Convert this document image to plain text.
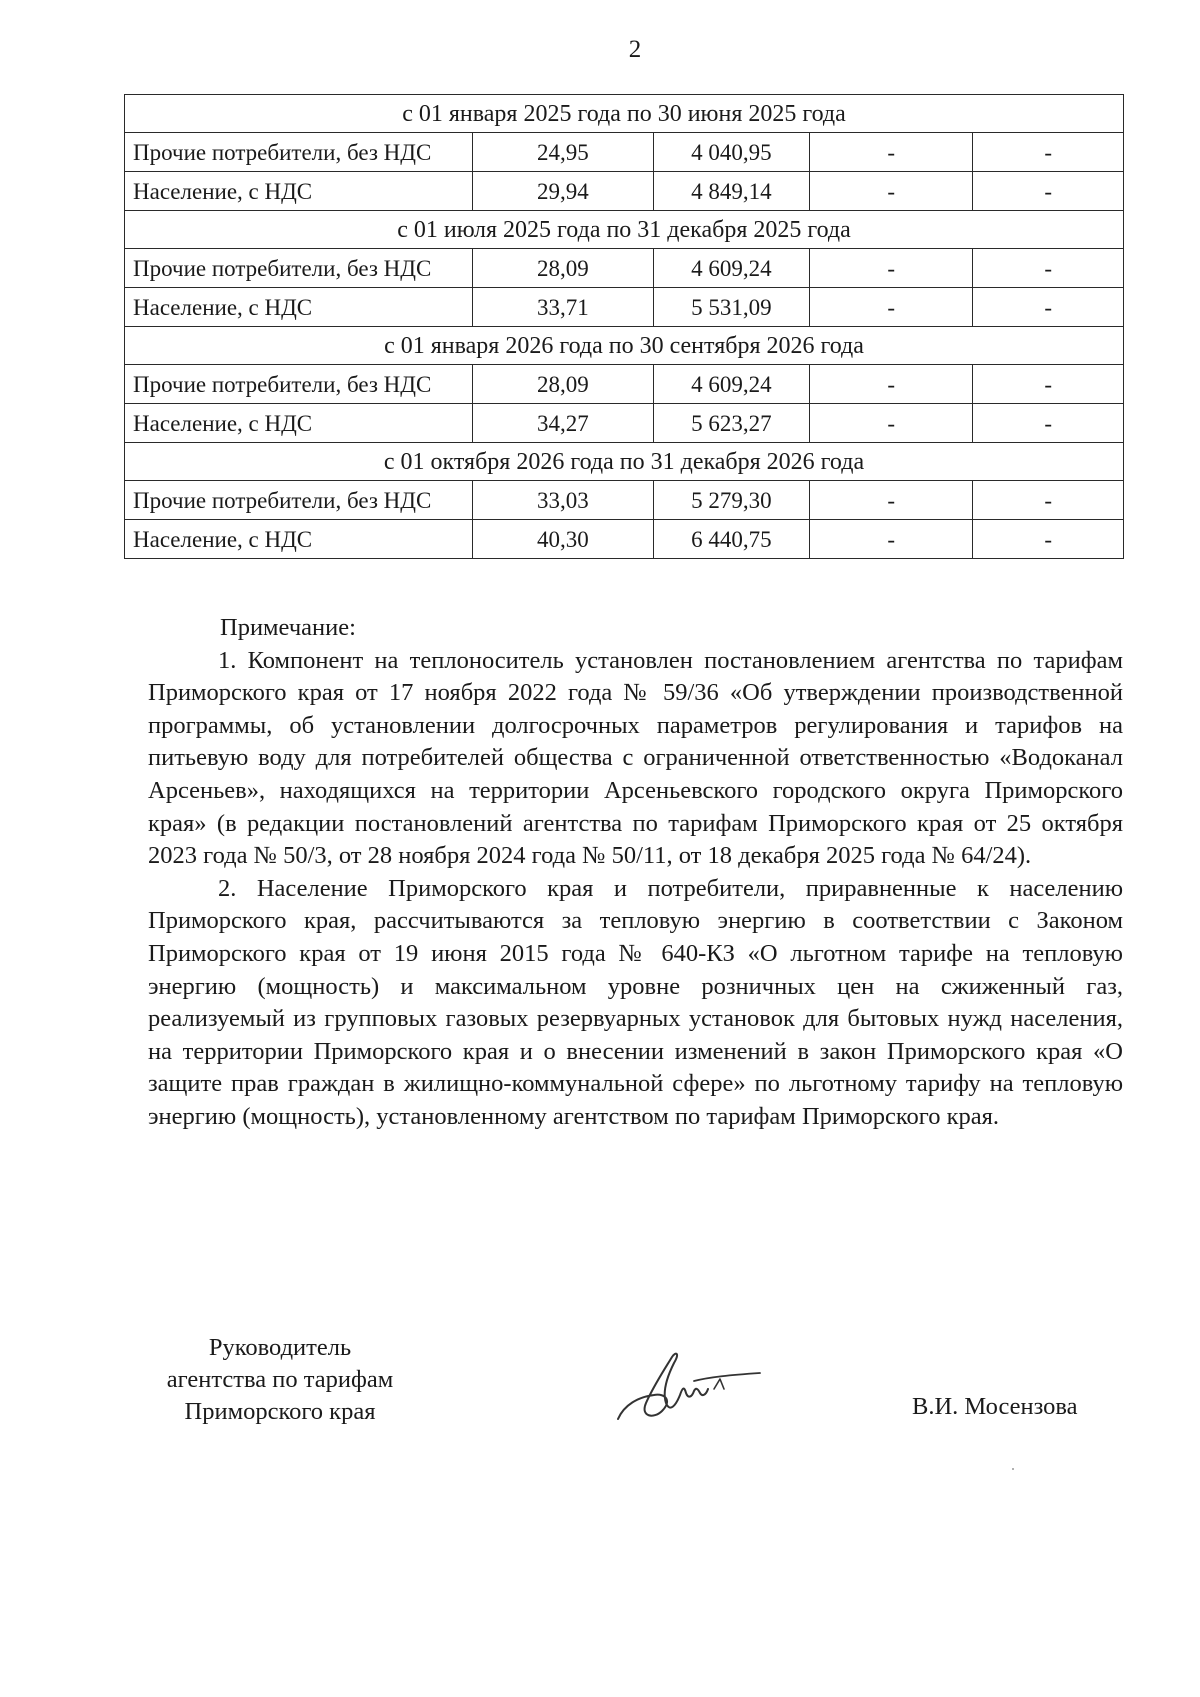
2
с 01 января 2025 года по 30 июня 2025 года				
Прочие потребители, без НДС	24,95	4 040,95	-	-
Население, с НДС	29,94	4 849,14	-	-
с 01 июля 2025 года по 31 декабря 2025 года				
Прочие потребители, без НДС	28,09	4 609,24	-	-
Население, с НДС	33,71	5 531,09	-	-
с 01 января 2026 года по 30 сентября 2026 года				
Прочие потребители, без НДС	28,09	4 609,24	-	-
Население, с НДС	34,27	5 623,27	-	-
с 01 октября 2026 года по 31 декабря 2026 года				
Прочие потребители, без НДС	33,03	5 279,30	-	-
Население, с НДС	40,30	6 440,75	-	-
Примечание:

1. Компонент на теплоноситель установлен постановлением агентства по тарифам Приморского края от 17 ноября 2022 года № 59/36 «Об утверждении производственной программы, об установлении долгосрочных параметров регулирования и тарифов на питьевую воду для потребителей общества с ограниченной ответственностью «Водоканал Арсеньев», находящихся на территории Арсеньевского городского округа Приморского края» (в редакции постановлений агентства по тарифам Приморского края от 25 октября 2023 года № 50/3, от 28 ноября 2024 года № 50/11, от 18 декабря 2025 года № 64/24).

2. Население Приморского края и потребители, приравненные к населению Приморского края, рассчитываются за тепловую энергию в соответствии с Законом Приморского края от 19 июня 2015 года № 640-КЗ «О льготном тарифе на тепловую энергию (мощность) и максимальном уровне розничных цен на сжиженный газ, реализуемый из групповых газовых резервуарных установок для бытовых нужд населения, на территории Приморского края и о внесении изменений в закон Приморского края «О защите прав граждан в жилищно-коммунальной сфере» по льготному тарифу на тепловую энергию (мощность), установленному агентством по тарифам Приморского края.

Руководитель
агентства по тарифам
Приморского края	В.И. Мосензова
